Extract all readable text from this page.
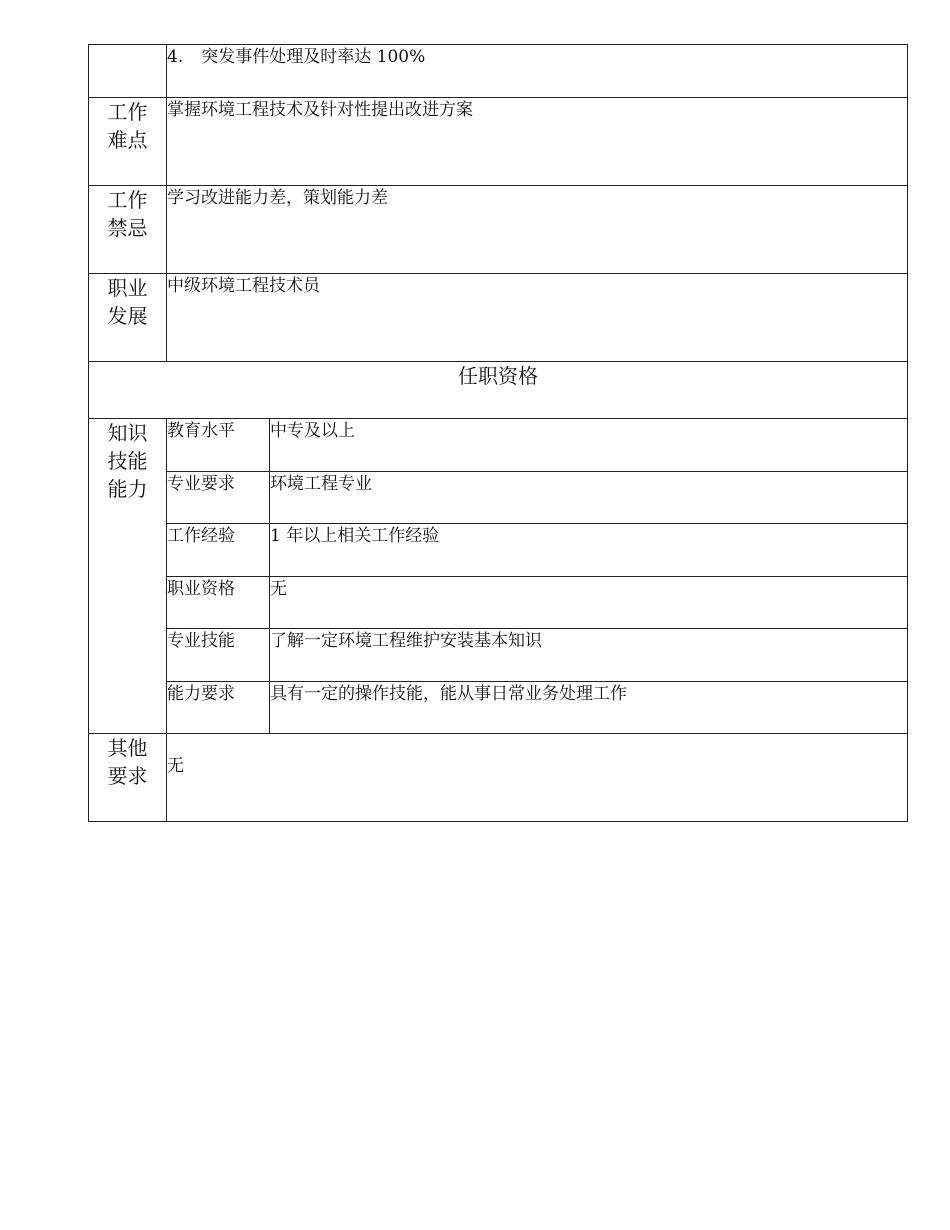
	4. 突发事件处理及时率达 100%	

工作
难点	掌握环境工程技术及针对性提出改进方案	

工作
禁忌	学习改进能力差，策划能力差	

职业
发展	中级环境工程技术员	
任职资格		

知识
技能
能力	教育水平	中专及以上
	专业要求	环境工程专业
	工作经验	1 年以上相关工作经验
	职业资格	无
	专业技能	了解一定环境工程维护安装基本知识
	能力要求	具有一定的操作技能，能从事日常业务处理工作

其他
要求	无	
